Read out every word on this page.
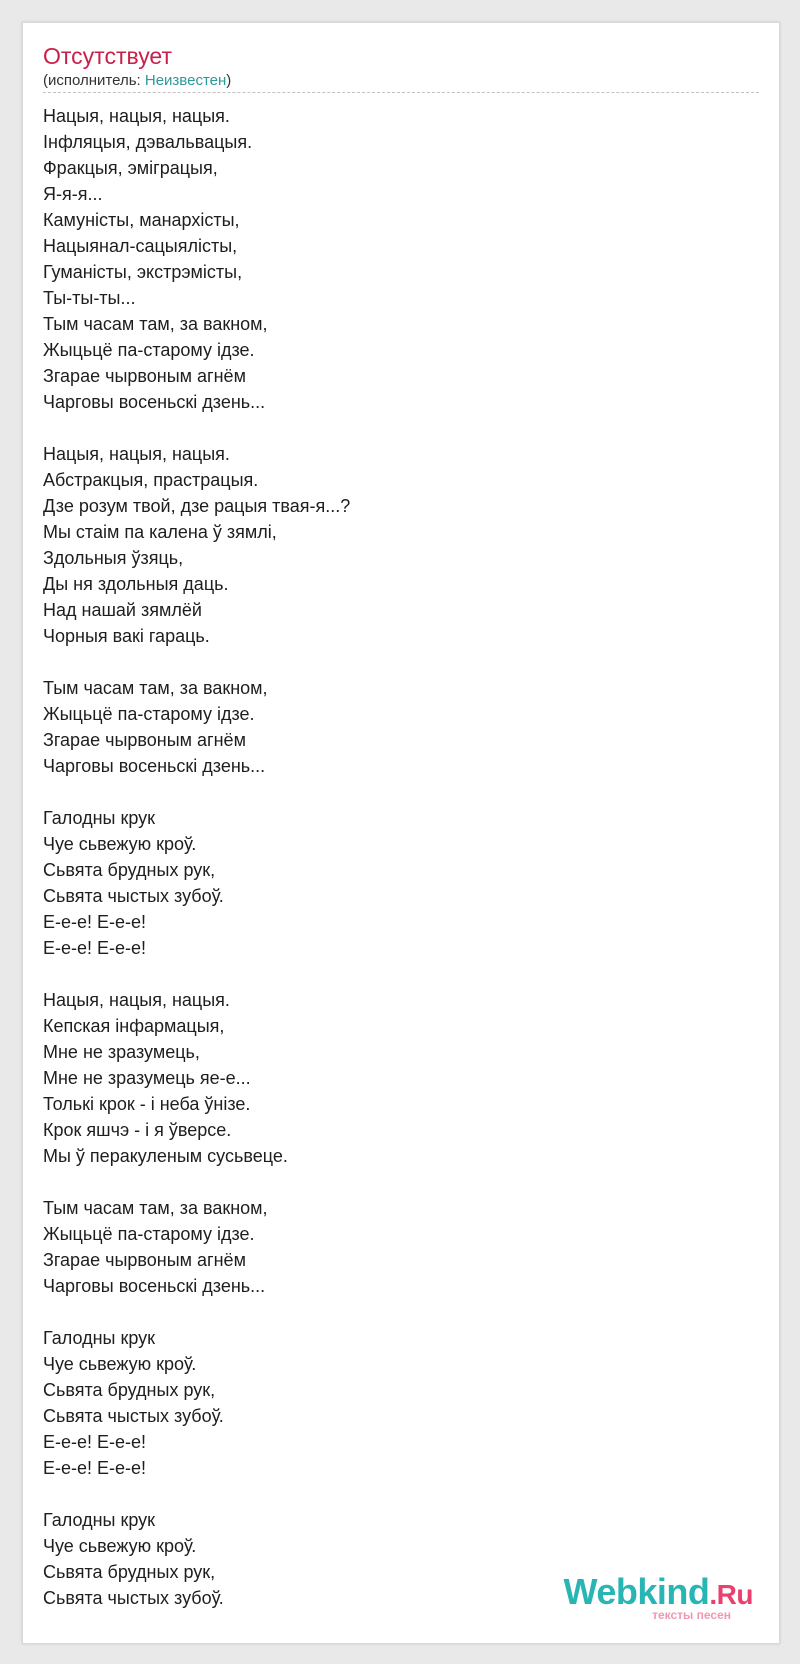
Отсутствует
(исполнитель: Неизвестен)
Нацыя, нацыя, нацыя.
Інфляцыя, дэвальвацыя.
Фракцыя, эміграцыя,
Я-я-я...
Камуністы, манархісты,
Нацыянал-сацыялісты,
Гуманісты, экстрэмісты,
Ты-ты-ты...
Тым часам там, за вакном,
Жыцьцё па-старому ідзе.
Згарае чырвоным агнём
Чарговы восеньскі дзень...
Нацыя, нацыя, нацыя.
Абстракцыя, прастрацыя.
Дзе розум твой, дзе рацыя твая-я...?
Мы стаім па калена ў зямлі,
Здольныя ўзяць,
Ды ня здольныя даць.
Над нашай зямлёй
Чорныя вакі гараць.
Тым часам там, за вакном,
Жыцьцё па-старому ідзе.
Згарае чырвоным агнём
Чарговы восеньскі дзень...
Галодны крук
Чуе сьвежую кроў.
Сьвята брудных рук,
Сьвята чыстых зубоў.
Е-е-е! Е-е-е!
Е-е-е! Е-е-е!
Нацыя, нацыя, нацыя.
Кепская інфармацыя,
Мне не зразумець,
Мне не зразумець яе-е...
Толькі крок - і неба ўнізе.
Крок яшчэ - і я ўверсе.
Мы ў перакуленым сусьвеце.
Тым часам там, за вакном,
Жыцьцё па-старому ідзе.
Згарае чырвоным агнём
Чарговы восеньскі дзень...
Галодны крук
Чуе сьвежую кроў.
Сьвята брудных рук,
Сьвята чыстых зубоў.
Е-е-е! Е-е-е!
Е-е-е! Е-е-е!
Галодны крук
Чуе сьвежую кроў.
Сьвята брудных рук,
Сьвята чыстых зубоў.	Webkind.Ru
тексты песен
